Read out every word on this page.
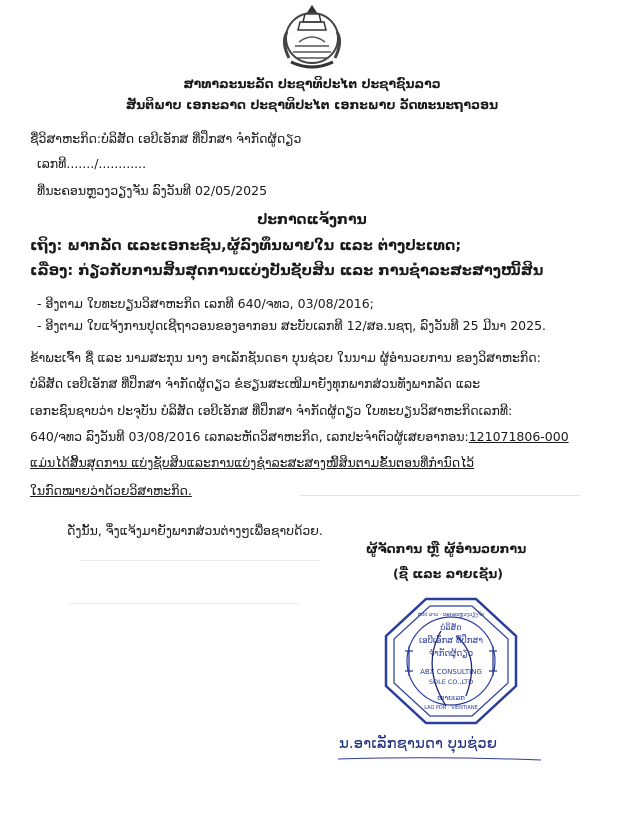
ສາທາລະນະລັດ ປະຊາທິປະໄຕ ປະຊາຊົນລາວ
ສັນຕິພາບ ເອກະລາດ ປະຊາທິປະໄຕ ເອກະພາບ ວັດທະນະຖາວອນ
ຊື່ວິສາຫະກິດ:ບໍລິສັດ ເອບີເອັກສ ທີ່ປຶກສາ ຈຳກັດຜູ້ດຽວ
ເລກທີ......./............
ທີ່ນະຄອນຫຼວງວຽງຈັນ ລົງວັນທີ 02/05/2025
ປະກາດແຈ້ງການ
ເຖິງ: ພາກລັດ ແລະເອກະຊົນ,ຜູ້ລົງທຶນພາຍໃນ ແລະ ຕ່າງປະເທດ;
ເລື່ອງ: ກ່ຽວກັບການສິ້ນສຸດການແບ່ງປັນຊັບສິນ ແລະ ການຊຳລະສະສາງໜີ້ສິນ
- ອີງຕາມ ໃບທະບຽນວິສາຫະກິດ ເລກທີ 640/ຈທວ, 03/08/2016;
- ອີງຕາມ ໃບແຈ້ງການປຸດເຊີຖາວອນຂອງອາກອນ ສະບັບເລກທີ 12/ສອ.ນຊຖ, ລົງວັນທີ 25 ມີນາ 2025.
ຂ້າພະເຈົ້າ ຊື່ ແລະ ນາມສະກຸນ ນາງ ອາເລັກຊັນດຣາ ບຸນຊ່ວຍ ໃນນາມ ຜູ້ອຳນວຍການ ຂອງວິສາຫະກິດ:
ບໍລິສັດ ເອບີເອັກສ ທີ່ປຶກສາ ຈຳກັດຜູ້ດຽວ ຂໍຮຽນສະເໜີມາຍັງທຸກພາກສ່ວນທັງພາກລັດ ແລະ
ເອກະຊົນຊາບວ່າ ປະຈຸບັນ ບໍລິສັດ ເອບີເອັກສ ທີ່ປຶກສາ ຈຳກັດຜູ້ດຽວ ໃບທະບຽນວິສາຫະກິດເລກທີ:
640/ຈທວ ລົງວັນທີ 03/08/2016 ເລກລະຫັດວິສາຫະກິດ, ເລກປະຈຳຕົວຜູ້ເສຍອາກອນ:121071806-000
ແມ່ນໄດ້ສິ້ນສຸດການ ແບ່ງຊັບສິນແລະການແບ່ງຊຳລະສະສາງໜີ້ສິນຕາມຂັ້ນຕອນທີ່ກຳນົດໄວ້
ໃນກົດໝາຍວ່າດ້ວຍວິສາຫະກິດ.
ດັ່ງນັ້ນ, ຈຶ່ງແຈ້ງມາຍັງພາກສ່ວນຕ່າງໆເພື່ອຊາບດ້ວຍ.
ຜູ້ຈັດການ ຫຼື ຜູ້ອຳນວຍການ
(ຊື່ ແລະ ລາຍເຊັນ)
ສປປ ລາວ · ນະຄອນຫຼວງວຽງຈັນ
LAO PDR · VIENTIANE
ບໍລິສັດ
ເອບີເອັກສ ທີ່ປຶກສາ
ຈຳກັດຜູ້ດຽວ
ABX CONSULTING
SOLE CO.,LTD
ໝາຍເລກ
ນ.ອາເລັກຊານດາ ບຸນຊ່ວຍ
